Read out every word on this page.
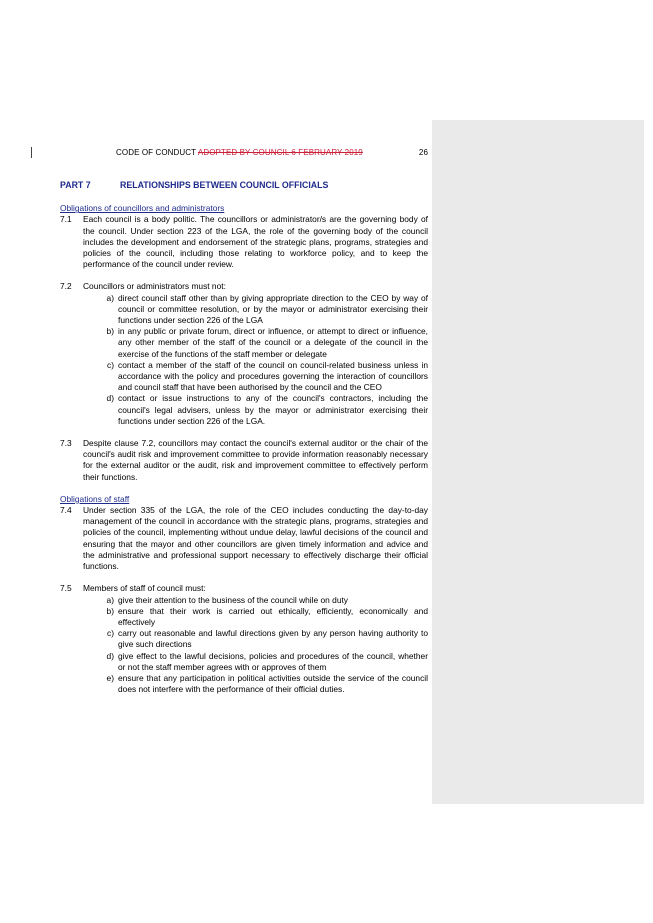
CODE OF CONDUCT ADOPTED BY COUNCIL 6 FEBRUARY 2019	26
PART 7	RELATIONSHIPS BETWEEN COUNCIL OFFICIALS
Obligations of councillors and administrators
7.1	Each council is a body politic. The councillors or administrator/s are the governing body of the council. Under section 223 of the LGA, the role of the governing body of the council includes the development and endorsement of the strategic plans, programs, strategies and policies of the council, including those relating to workforce policy, and to keep the performance of the council under review.
7.2	Councillors or administrators must not:
a) direct council staff other than by giving appropriate direction to the CEO by way of council or committee resolution, or by the mayor or administrator exercising their functions under section 226 of the LGA
b) in any public or private forum, direct or influence, or attempt to direct or influence, any other member of the staff of the council or a delegate of the council in the exercise of the functions of the staff member or delegate
c) contact a member of the staff of the council on council-related business unless in accordance with the policy and procedures governing the interaction of councillors and council staff that have been authorised by the council and the CEO
d) contact or issue instructions to any of the council's contractors, including the council's legal advisers, unless by the mayor or administrator exercising their functions under section 226 of the LGA.
7.3	Despite clause 7.2, councillors may contact the council's external auditor or the chair of the council's audit risk and improvement committee to provide information reasonably necessary for the external auditor or the audit, risk and improvement committee to effectively perform their functions.
Obligations of staff
7.4	Under section 335 of the LGA, the role of the CEO includes conducting the day-to-day management of the council in accordance with the strategic plans, programs, strategies and policies of the council, implementing without undue delay, lawful decisions of the council and ensuring that the mayor and other councillors are given timely information and advice and the administrative and professional support necessary to effectively discharge their official functions.
7.5	Members of staff of council must:
a) give their attention to the business of the council while on duty
b) ensure that their work is carried out ethically, efficiently, economically and effectively
c) carry out reasonable and lawful directions given by any person having authority to give such directions
d) give effect to the lawful decisions, policies and procedures of the council, whether or not the staff member agrees with or approves of them
e) ensure that any participation in political activities outside the service of the council does not interfere with the performance of their official duties.
